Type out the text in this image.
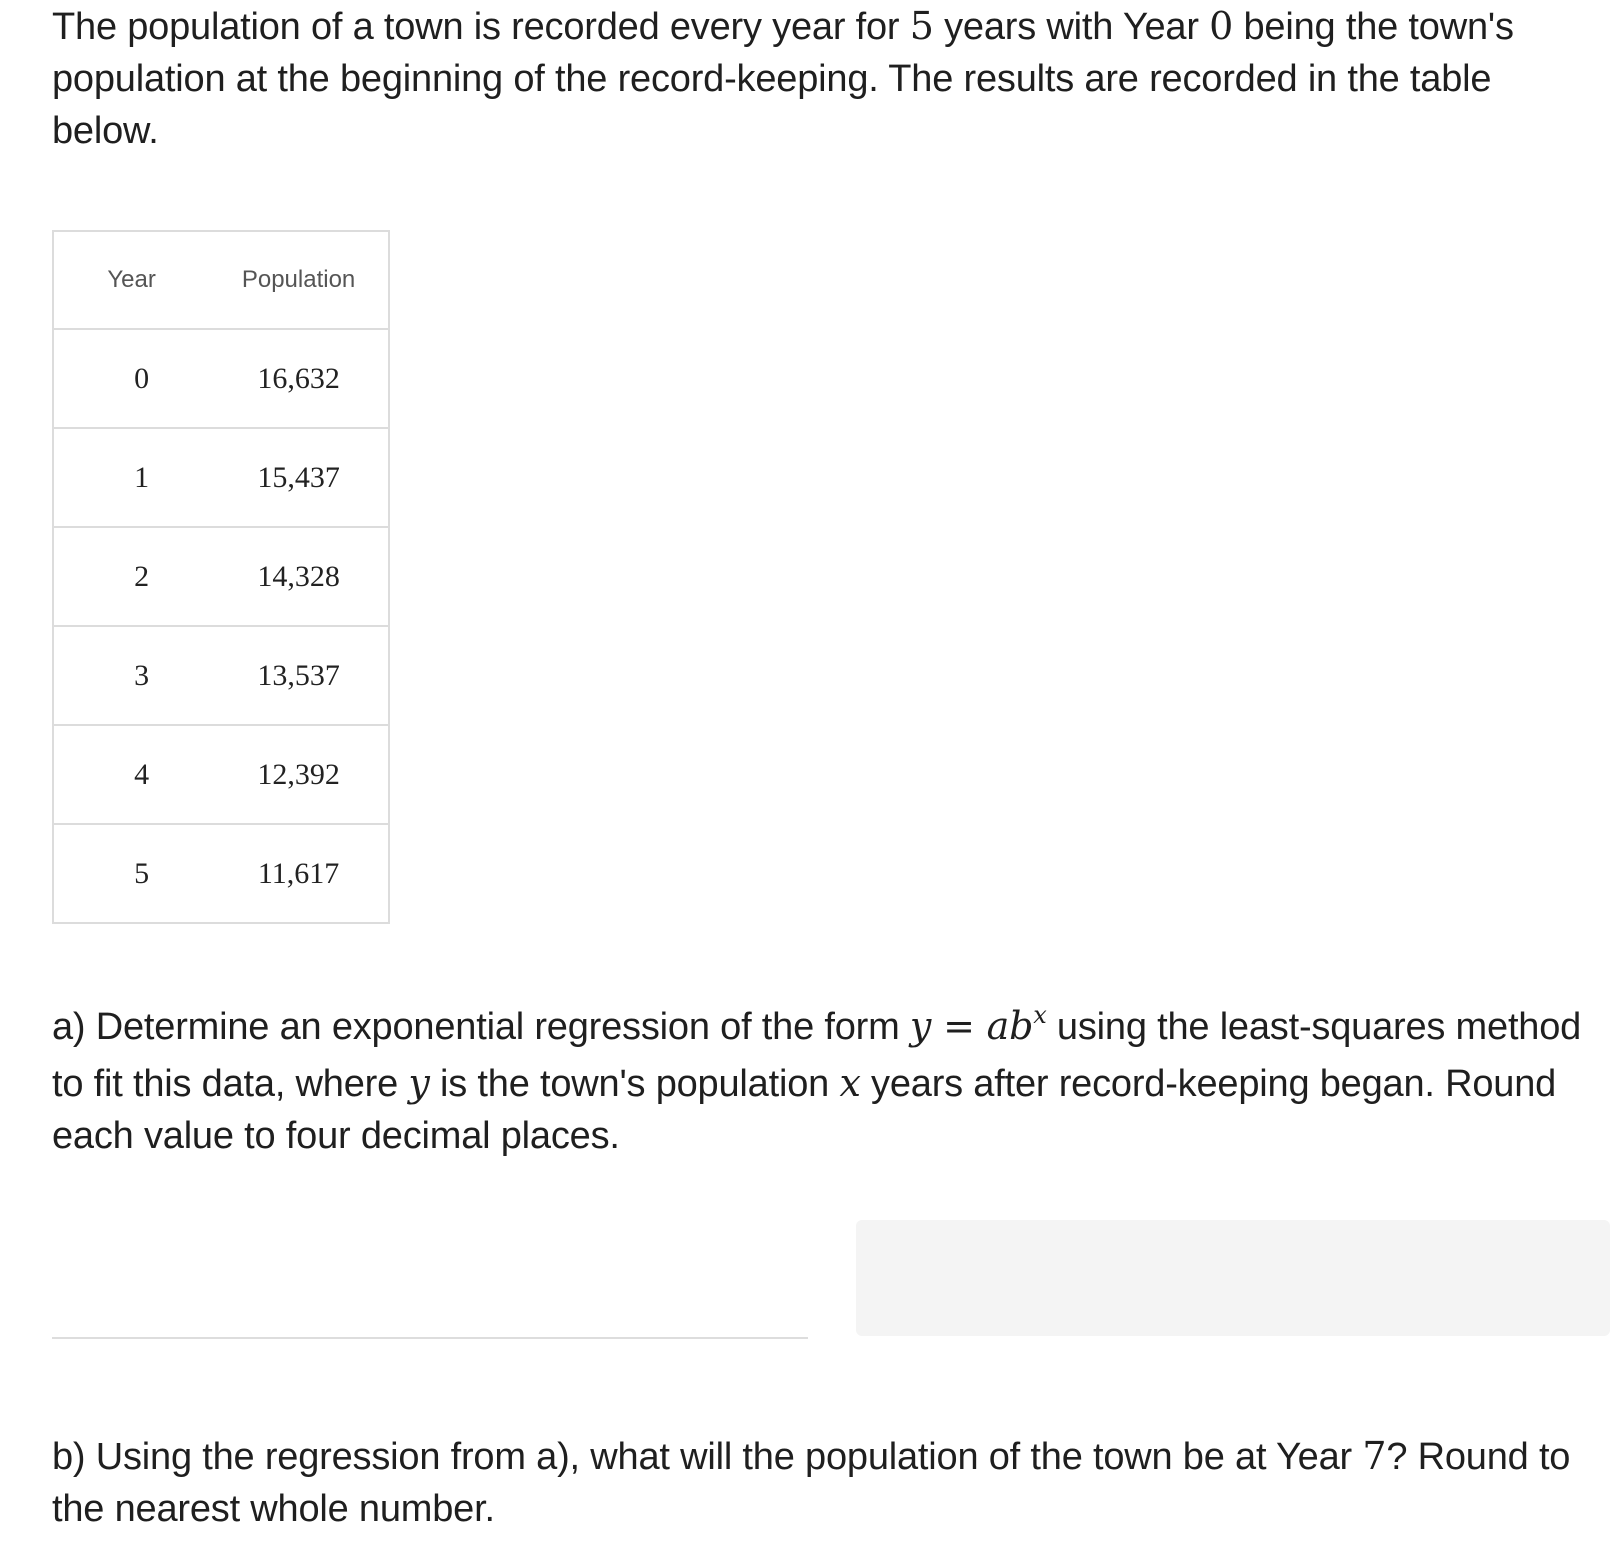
The population of a town is recorded every year for 5 years with Year 0 being the town's population at the beginning of the record-keeping. The results are recorded in the table below.

Year	Population
0	16,632
1	15,437
2	14,328
3	13,537
4	12,392
5	11,617

a) Determine an exponential regression of the form $y = ab^x$ using the least-squares method to fit this data, where y is the town's population x years after record-keeping began. Round each value to four decimal places.

b) Using the regression from a), what will the population of the town be at Year 7? Round to the nearest whole number.
